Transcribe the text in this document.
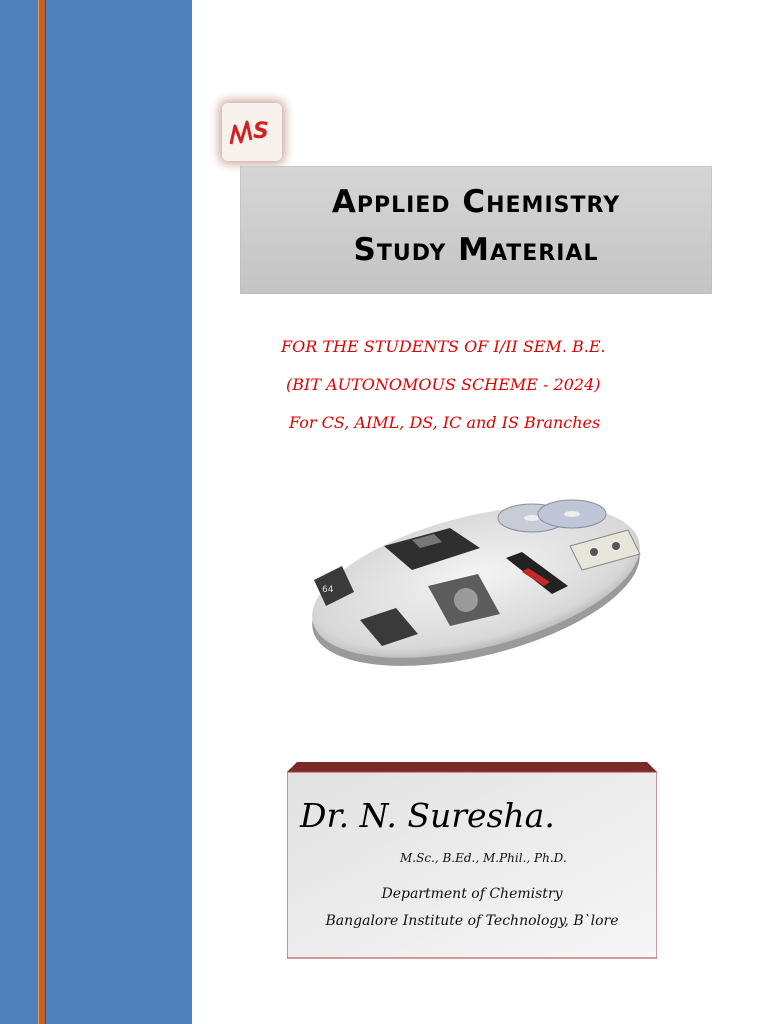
S
Applied Chemistry
Study Material
FOR THE STUDENTS OF I/II SEM. B.E.
(BIT AUTONOMOUS SCHEME - 2024)
For CS, AIML, DS, IC and IS Branches
64
Dr. N. Suresha.
M.Sc., B.Ed., M.Phil., Ph.D.
Department of Chemistry
Bangalore Institute of Technology, B`lore
